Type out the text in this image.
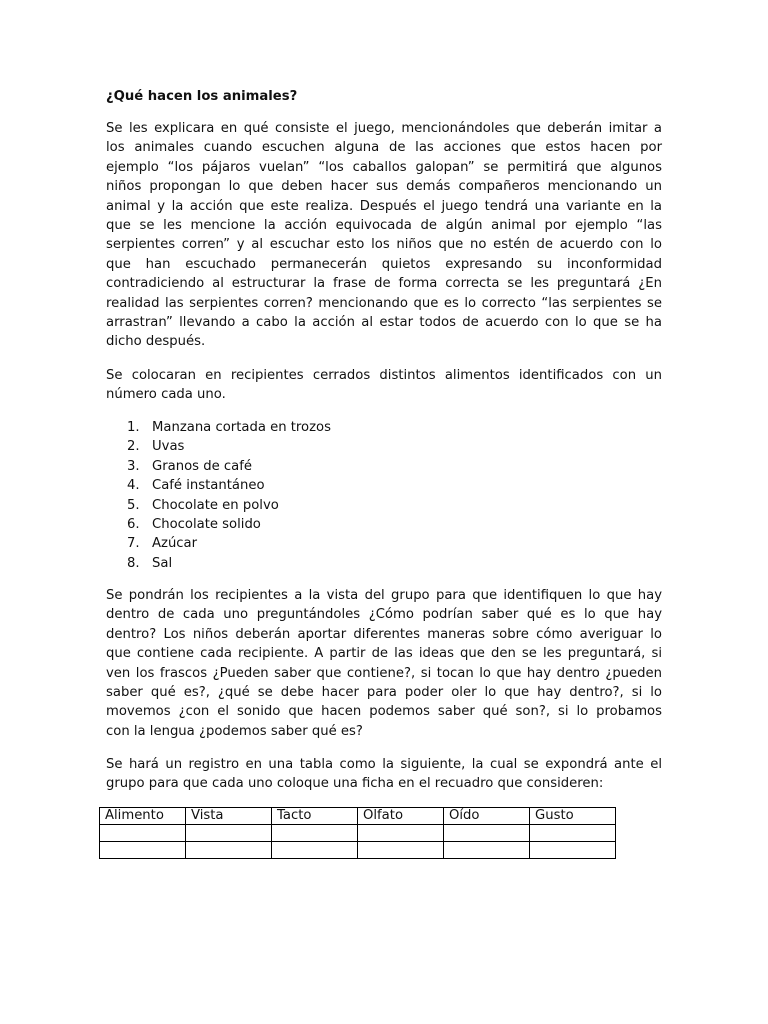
¿Qué hacen los animales?
Se les explicara en qué consiste el juego, mencionándoles que deberán imitar a
los animales cuando escuchen alguna de las acciones que estos hacen por
ejemplo “los pájaros vuelan” “los caballos galopan” se permitirá que algunos
niños propongan lo que deben hacer sus demás compañeros mencionando un
animal y la acción que este realiza. Después el juego tendrá una variante en la
que se les mencione la acción equivocada de algún animal por ejemplo “las
serpientes corren” y al escuchar esto los niños que no estén de acuerdo con lo
que han escuchado permanecerán quietos expresando su inconformidad
contradiciendo al estructurar la frase de forma correcta se les preguntará ¿En
realidad las serpientes corren? mencionando que es lo correcto “las serpientes se
arrastran” llevando a cabo la acción al estar todos de acuerdo con lo que se ha
dicho después.
Se colocaran en recipientes cerrados distintos alimentos identificados con un
número cada uno.
1. Manzana cortada en trozos
2. Uvas
3. Granos de café
4. Café instantáneo
5. Chocolate en polvo
6. Chocolate solido
7. Azúcar
8. Sal
Se pondrán los recipientes a la vista del grupo para que identifiquen lo que hay
dentro de cada uno preguntándoles ¿Cómo podrían saber qué es lo que hay
dentro? Los niños deberán aportar diferentes maneras sobre cómo averiguar lo
que contiene cada recipiente. A partir de las ideas que den se les preguntará, si
ven los frascos ¿Pueden saber que contiene?, si tocan lo que hay dentro ¿pueden
saber qué es?, ¿qué se debe hacer para poder oler lo que hay dentro?, si lo
movemos ¿con el sonido que hacen podemos saber qué son?, si lo probamos
con la lengua ¿podemos saber qué es?
Se hará un registro en una tabla como la siguiente, la cual se expondrá ante el
grupo para que cada uno coloque una ficha en el recuadro que consideren:
Alimento	Vista	Tacto	Olfato	Oído	Gusto
